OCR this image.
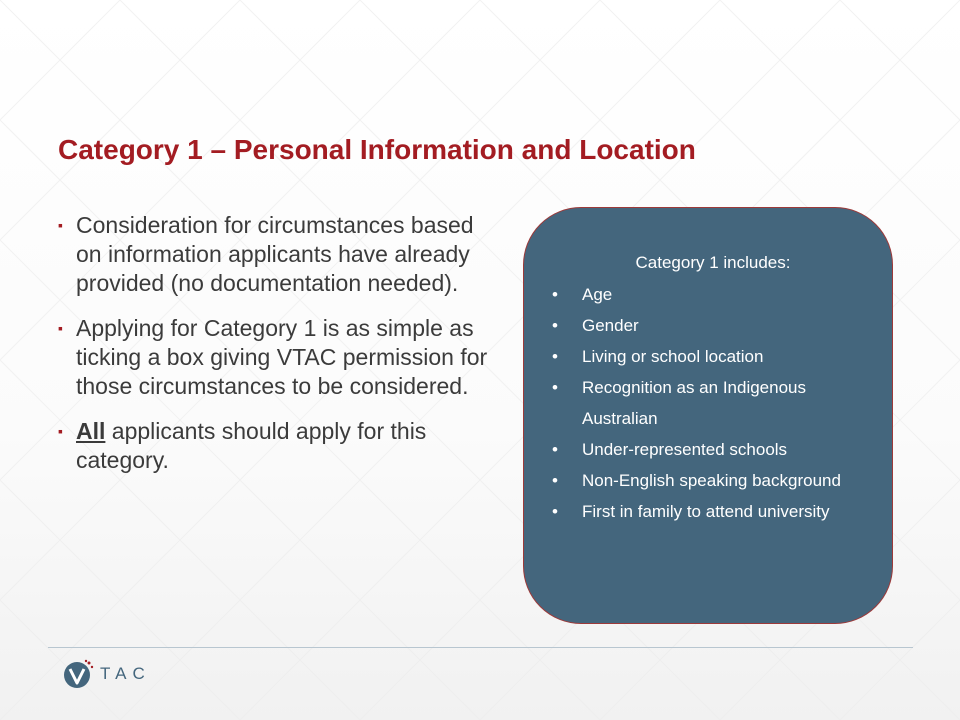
Category 1 – Personal Information and Location
▪ Consideration for circumstances based on information applicants have already provided (no documentation needed).
▪ Applying for Category 1 is as simple as ticking a box giving VTAC permission for those circumstances to be considered.
▪ All applicants should apply for this category.
Category 1 includes:
• Age
• Gender
• Living or school location
• Recognition as an Indigenous Australian
• Under-represented schools
• Non-English speaking background
• First in family to attend university
TAC
